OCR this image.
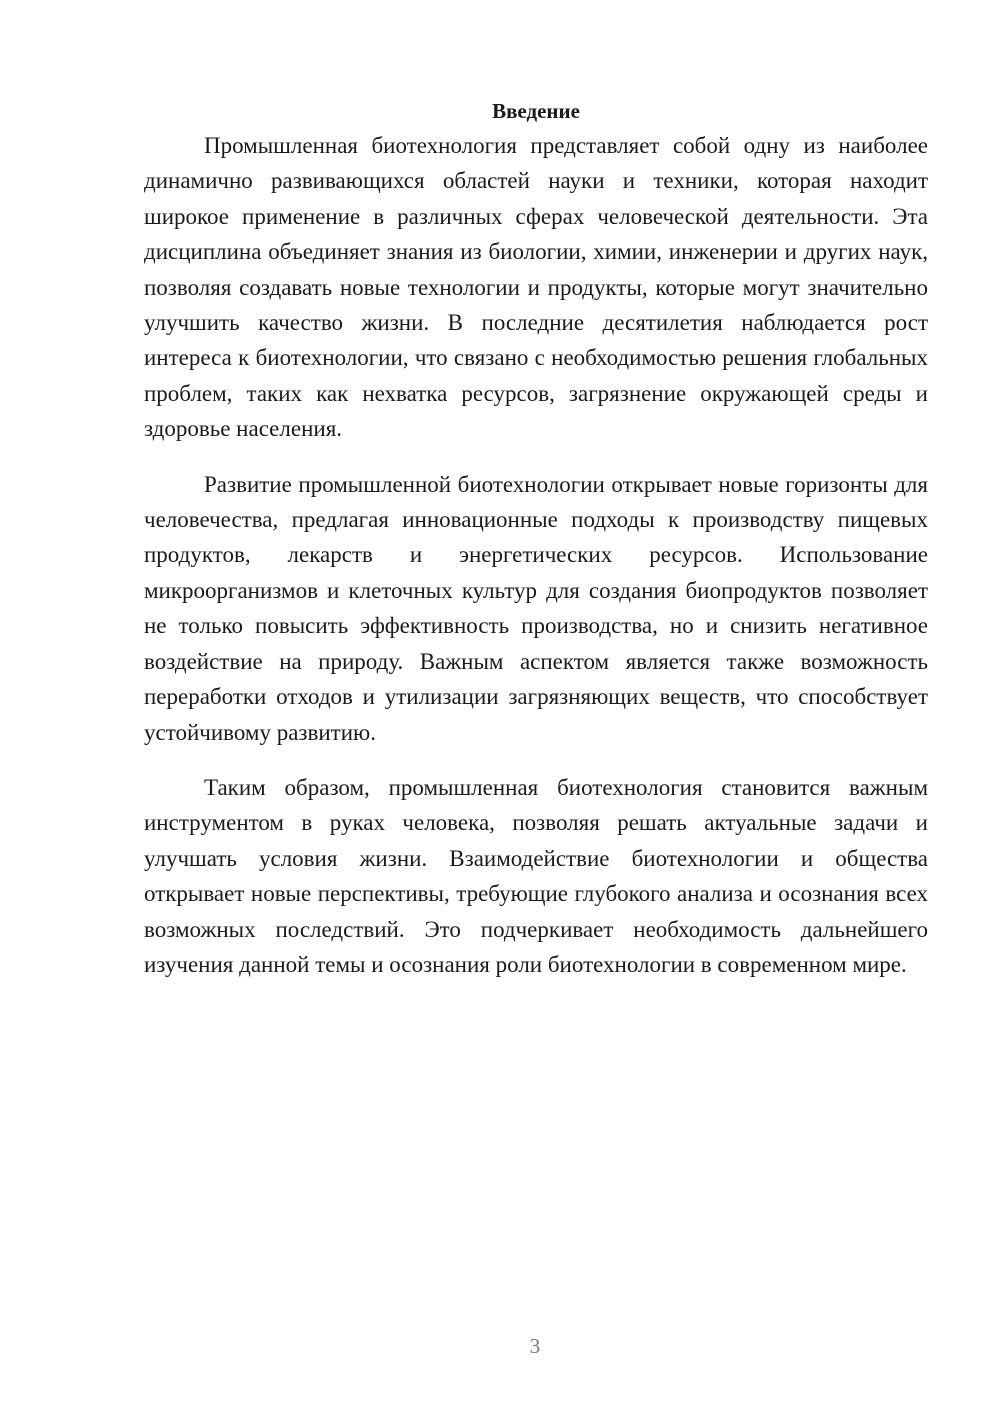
Введение

Промышленная биотехнология представляет собой одну из наиболее динамично развивающихся областей науки и техники, которая находит широкое применение в различных сферах человеческой деятельности. Эта дисциплина объединяет знания из биологии, химии, инженерии и других наук, позволяя создавать новые технологии и продукты, которые могут значительно улучшить качество жизни. В последние десятилетия наблюдается рост интереса к биотехнологии, что связано с необходимостью решения глобальных проблем, таких как нехватка ресурсов, загрязнение окружающей среды и здоровье населения.

Развитие промышленной биотехнологии открывает новые горизонты для человечества, предлагая инновационные подходы к производству пищевых продуктов, лекарств и энергетических ресурсов. Использование микроорганизмов и клеточных культур для создания биопродуктов позволяет не только повысить эффективность производства, но и снизить негативное воздействие на природу. Важным аспектом является также возможность переработки отходов и утилизации загрязняющих веществ, что способствует устойчивому развитию.

Таким образом, промышленная биотехнология становится важным инструментом в руках человека, позволяя решать актуальные задачи и улучшать условия жизни. Взаимодействие биотехнологии и общества открывает новые перспективы, требующие глубокого анализа и осознания всех возможных последствий. Это подчеркивает необходимость дальнейшего изучения данной темы и осознания роли биотехнологии в современном мире.

3
